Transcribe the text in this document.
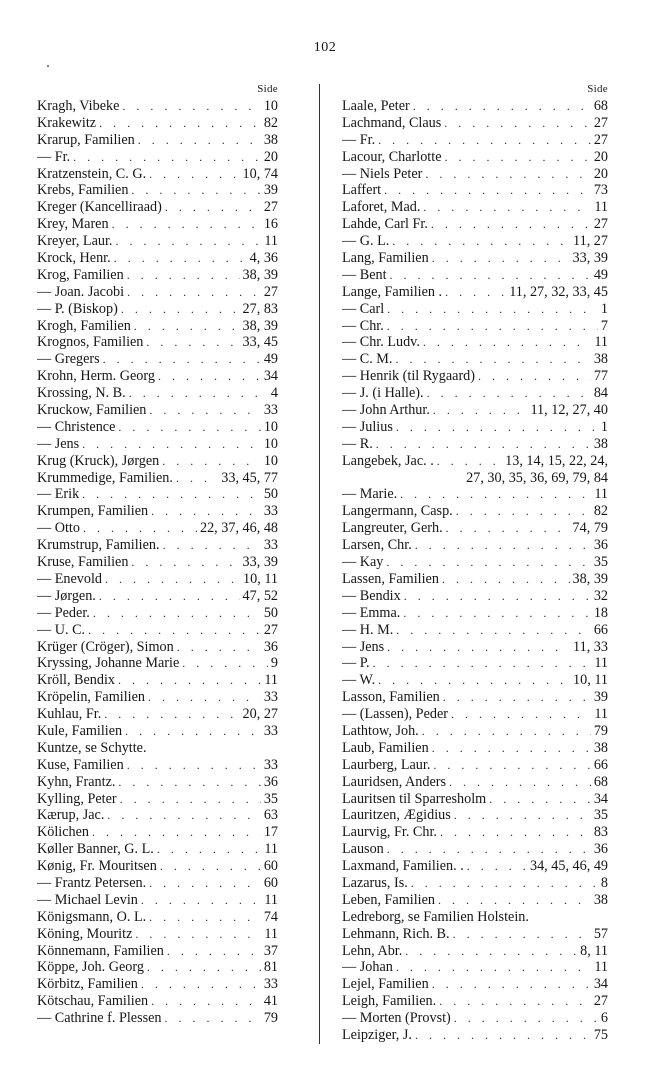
102
Side
Kragh, Vibeke . . .	10
Krakewitz . . .	82
Krarup, Familien . . .	38
— Fr. . . .	20
Kratzenstein, C. G. . . .	10, 74
Krebs, Familien . . .	39
Kreger (Kancelliraad) . . .	27
Krey, Maren . . .	16
Kreyer, Laur. . . .	11
Krock, Henr. . . .	4, 36
Krog, Familien . . .	38, 39
— Joan. Jacobi . . .	27
— P. (Biskop) . . .	27, 83
Krogh, Familien . . .	38, 39
Krognos, Familien . . .	33, 45
— Gregers . . .	49
Krohn, Herm. Georg . . .	34
Krossing, N. B. . . .	4
Kruckow, Familien . . .	33
— Christence . . .	10
— Jens . . .	10
Krug (Kruck), Jørgen . . .	10
Krummedige, Familien. . . .	33, 45, 77
— Erik . . .	50
Krumpen, Familien . . .	33
— Otto . . .	22, 37, 46, 48
Krumstrup, Familien. . . .	33
Kruse, Familien . . .	33, 39
— Enevold . . .	10, 11
— Jørgen. . . .	47, 52
— Peder. . . .	50
— U. C. . . .	27
Krüger (Cröger), Simon . . .	36
Kryssing, Johanne Marie . . .	9
Kröll, Bendix . . .	11
Kröpelin, Familien . . .	33
Kuhlau, Fr. . . .	20, 27
Kule, Familien . . .	33
Kuntze, se Schytte.
Kuse, Familien . . .	33
Kyhn, Frantz. . . .	36
Kylling, Peter . . .	35
Kærup, Jac. . . .	63
Kölichen . . .	17
Køller Banner, G. L. . . .	11
Kønig, Fr. Mouritsen . . .	60
— Frantz Petersen. . . .	60
— Michael Levin . . .	11
Königsmann, O. L. . . .	74
Köning, Mouritz . . .	11
Könnemann, Familien . . .	37
Köppe, Joh. Georg . . .	81
Körbitz, Familien . . .	33
Kötschau, Familien . . .	41
— Cathrine f. Plessen . . .	79
Side
Laale, Peter . . .	68
Lachmand, Claus . . .	27
— Fr. . . .	27
Lacour, Charlotte . . .	20
— Niels Peter . . .	20
Laffert . . .	73
Laforet, Mad. . . .	11
Lahde, Carl Fr. . . .	27
— G. L. . . .	11, 27
Lang, Familien . . .	33, 39
— Bent . . .	49
Lange, Familien . . . .	11, 27, 32, 33, 45
— Carl . . .	1
— Chr. . . .	7
— Chr. Ludv. . . .	11
— C. M. . . .	38
— Henrik (til Rygaard) . . .	77
— J. (i Halle). . . .	84
— John Arthur. . . .	11, 12, 27, 40
— Julius . . .	1
— R. . . .	38
Langebek, Jac. . . . .	13, 14, 15, 22, 24,
27, 30, 35, 36, 69, 79, 84
— Marie. . . .	11
Langermann, Casp. . . .	82
Langreuter, Gerh. . . .	74, 79
Larsen, Chr. . . .	36
— Kay . . .	35
Lassen, Familien . . .	38, 39
— Bendix . . .	32
— Emma. . . .	18
— H. M. . . .	66
— Jens . . .	11, 33
— P. . . .	11
— W. . . .	10, 11
Lasson, Familien . . .	39
— (Lassen), Peder . . .	11
Lathtow, Joh. . . .	79
Laub, Familien . . .	38
Laurberg, Laur. . . .	66
Lauridsen, Anders . . .	68
Lauritsen til Sparresholm . . .	34
Lauritzen, Ægidius . . .	35
Laurvig, Fr. Chr. . . .	83
Lauson . . .	36
Laxmand, Familien. . . . .	34, 45, 46, 49
Lazarus, Is. . . .	8
Leben, Familien . . .	38
Ledreborg, se Familien Holstein.
Lehmann, Rich. B. . . .	57
Lehn, Abr. . . .	8, 11
— Johan . . .	11
Lejel, Familien . . .	34
Leigh, Familien. . . .	27
— Morten (Provst) . . .	6
Leipziger, J. . . .	75
